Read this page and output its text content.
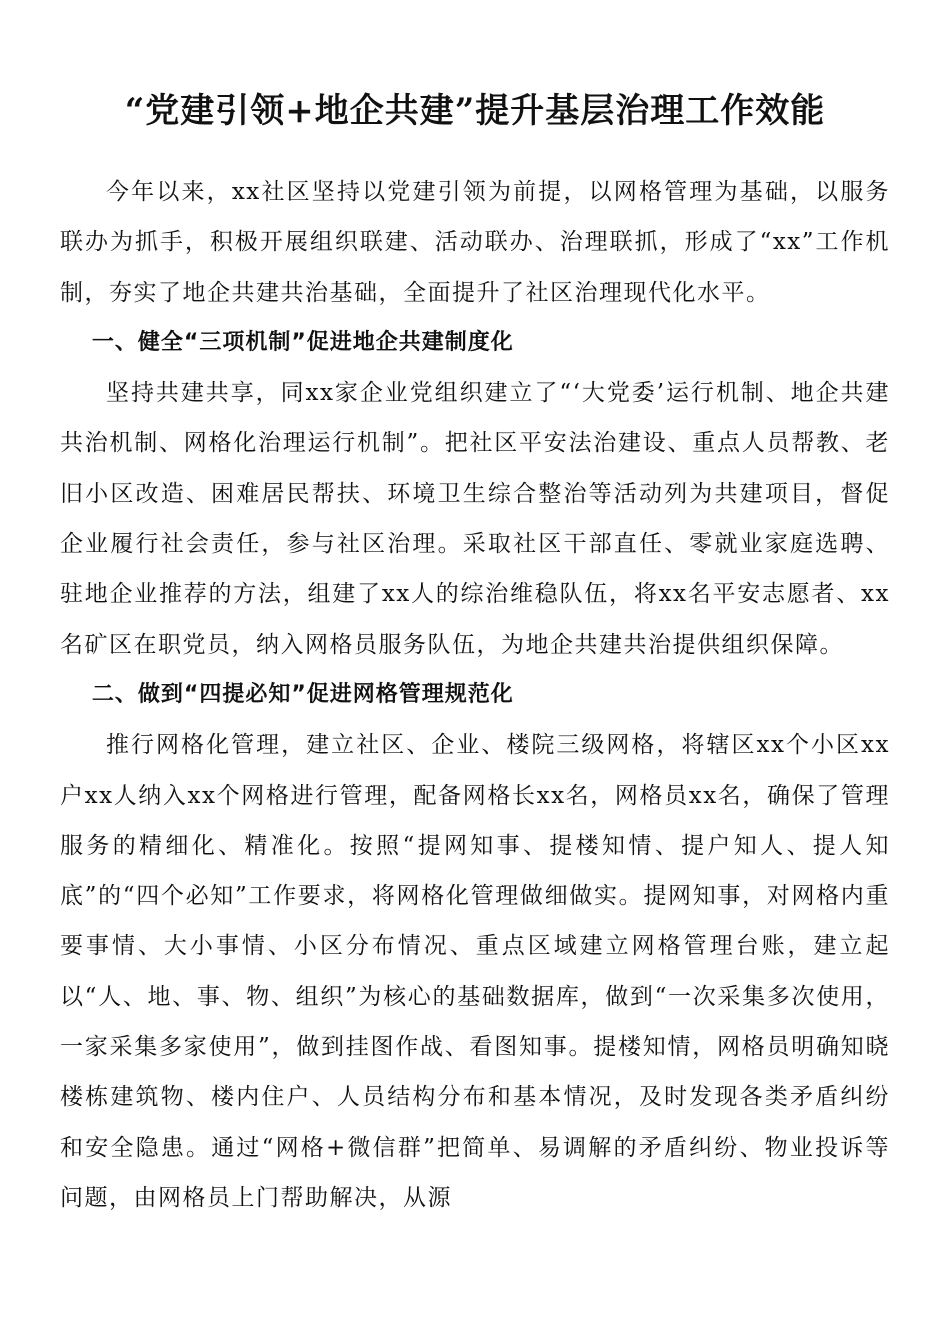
“党建引领+地企共建”提升基层治理工作效能

今年以来，xx社区坚持以党建引领为前提，以网格管理为基础，以服务联办为抓手，积极开展组织联建、活动联办、治理联抓，形成了“xx”工作机制，夯实了地企共建共治基础，全面提升了社区治理现代化水平。

一、健全“三项机制”促进地企共建制度化

坚持共建共享，同xx家企业党组织建立了“‘大党委’运行机制、地企共建共治机制、网格化治理运行机制”。把社区平安法治建设、重点人员帮教、老旧小区改造、困难居民帮扶、环境卫生综合整治等活动列为共建项目，督促企业履行社会责任，参与社区治理。采取社区干部直任、零就业家庭选聘、驻地企业推荐的方法，组建了xx人的综治维稳队伍，将xx名平安志愿者、xx名矿区在职党员，纳入网格员服务队伍，为地企共建共治提供组织保障。

二、做到“四提必知”促进网格管理规范化

推行网格化管理，建立社区、企业、楼院三级网格，将辖区xx个小区xx户xx人纳入xx个网格进行管理，配备网格长xx名，网格员xx名，确保了管理服务的精细化、精准化。按照“提网知事、提楼知情、提户知人、提人知底”的“四个必知”工作要求，将网格化管理做细做实。提网知事，对网格内重要事情、大小事情、小区分布情况、重点区域建立网格管理台账，建立起以“人、地、事、物、组织”为核心的基础数据库，做到“一次采集多次使用，一家采集多家使用”，做到挂图作战、看图知事。提楼知情，网格员明确知晓楼栋建筑物、楼内住户、人员结构分布和基本情况，及时发现各类矛盾纠纷和安全隐患。通过“网格+微信群”把简单、易调解的矛盾纠纷、物业投诉等问题，由网格员上门帮助解决，从源
